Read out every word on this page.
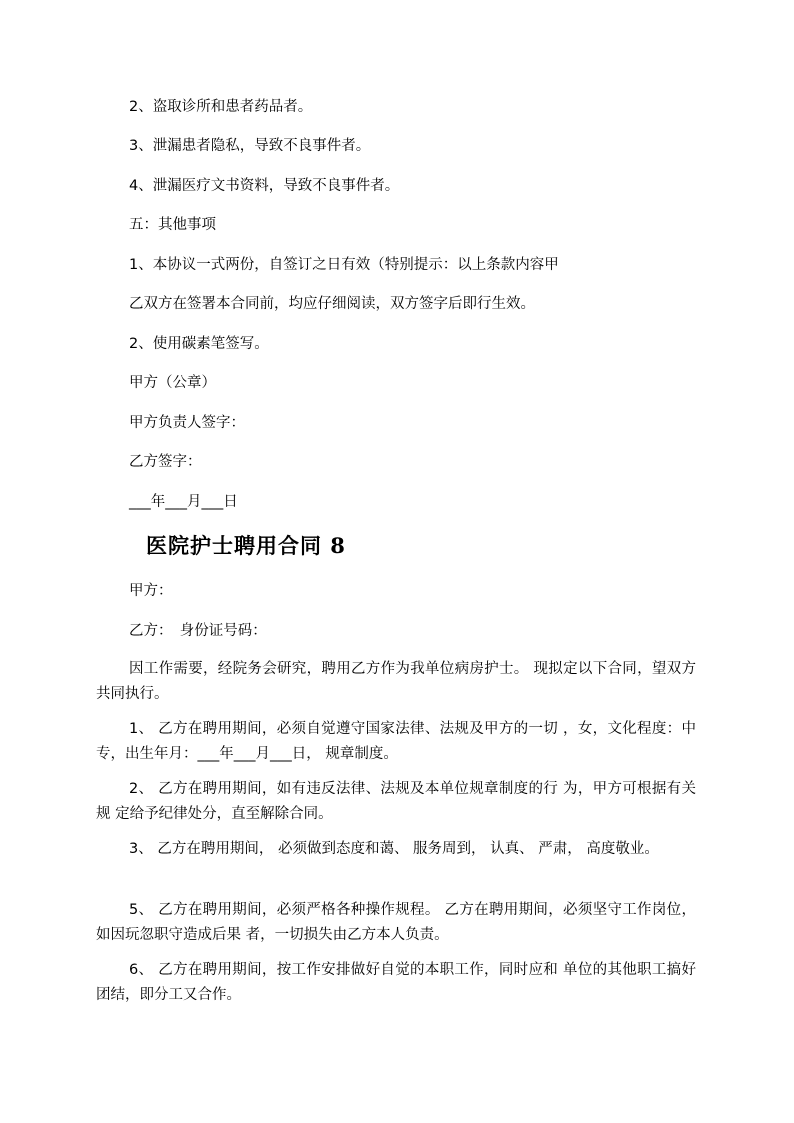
2、盗取诊所和患者药品者。
3、泄漏患者隐私，导致不良事件者。
4、泄漏医疗文书资料，导致不良事件者。
五：其他事项
1、本协议一式两份，自签订之日有效（特别提示：以上条款内容甲
乙双方在签署本合同前，均应仔细阅读，双方签字后即行生效。
2、使用碳素笔签写。
甲方（公章）
甲方负责人签字：
乙方签字：
___年___月___日
医院护士聘用合同 8
甲方：
乙方：　身份证号码：
因工作需要，经院务会研究，聘用乙方作为我单位病房护士。 现拟定以下合同，望双方共同执行。
1、 乙方在聘用期间，必须自觉遵守国家法律、法规及甲方的一切 ，女，文化程度：中专，出生年月：___年___月___日， 规章制度。
2、 乙方在聘用期间，如有违反法律、法规及本单位规章制度的行 为，甲方可根据有关规 定给予纪律处分，直至解除合同。
3、 乙方在聘用期间， 必须做到态度和蔼、 服务周到， 认真、 严肃， 高度敬业。
5、 乙方在聘用期间，必须严格各种操作规程。 乙方在聘用期间，必须坚守工作岗位，如因玩忽职守造成后果 者，一切损失由乙方本人负责。
6、 乙方在聘用期间，按工作安排做好自觉的本职工作，同时应和 单位的其他职工搞好团结，即分工又合作。
